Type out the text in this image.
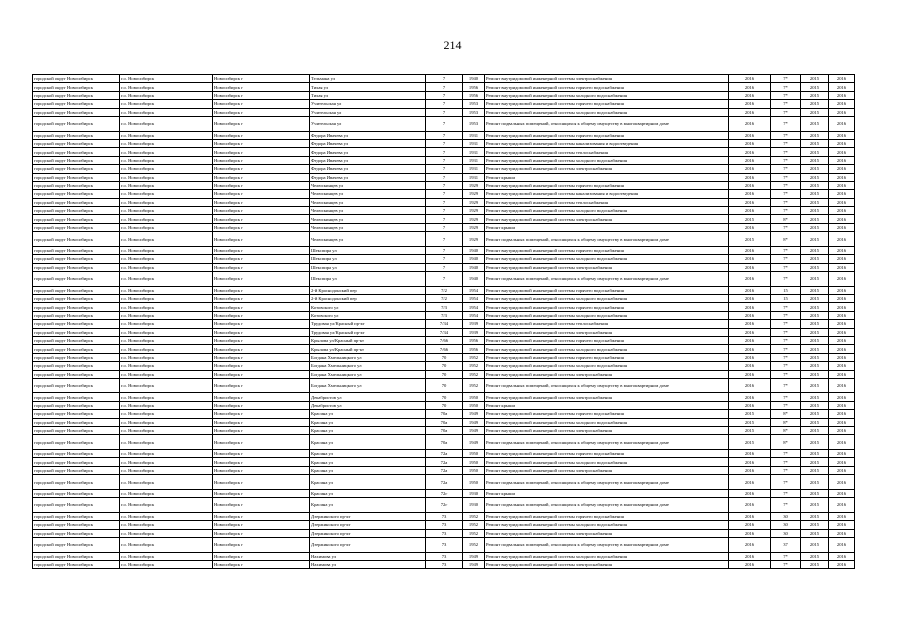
214
городской округ Новосибирск	г.о. Новосибирск	Новосибирск г	Тельмана ул	7	1940	Ремонт внутридомовой инженерной системы электроснабжения	2016	7*	2015	2016
городской округ Новосибирск	г.о. Новосибирск	Новосибирск г	Тихая ул	7	1956	Ремонт внутридомовой инженерной системы горячего водоснабжения	2016	7*	2015	2016
городской округ Новосибирск	г.о. Новосибирск	Новосибирск г	Тихая ул	7	1956	Ремонт внутридомовой инженерной системы холодного водоснабжения	2016	7*	2015	2016
городской округ Новосибирск	г.о. Новосибирск	Новосибирск г	Учительская ул	7	1953	Ремонт внутридомовой инженерной системы горячего водоснабжения	2016	7*	2015	2016
городской округ Новосибирск	г.о. Новосибирск	Новосибирск г	Учительская ул	7	1953	Ремонт внутридомовой инженерной системы холодного водоснабжения	2016	7*	2015	2016
городской округ Новосибирск	г.о. Новосибирск	Новосибирск г	Учительская ул	7	1953	Ремонт подвальных помещений, относящихся к общему имуществу в многоквартирном доме	2016	7*	2015	2016
городской округ Новосибирск	г.о. Новосибирск	Новосибирск г	Федора Ивачева ул	7	1931	Ремонт внутридомовой инженерной системы горячего водоснабжения	2016	7*	2015	2016
городской округ Новосибирск	г.о. Новосибирск	Новосибирск г	Федора Ивачева ул	7	1931	Ремонт внутридомовой инженерной системы канализования и водоотведения	2016	7*	2015	2016
городской округ Новосибирск	г.о. Новосибирск	Новосибирск г	Федора Ивачева ул	7	1931	Ремонт внутридомовой инженерной системы теплоснабжения	2016	7*	2015	2016
городской округ Новосибирск	г.о. Новосибирск	Новосибирск г	Федора Ивачева ул	7	1931	Ремонт внутридомовой инженерной системы холодного водоснабжения	2016	7*	2015	2016
городской округ Новосибирск	г.о. Новосибирск	Новосибирск г	Федора Ивачева ул	7	1931	Ремонт внутридомовой инженерной системы электроснабжения	2016	7*	2015	2016
городской округ Новосибирск	г.о. Новосибирск	Новосибирск г	Федора Ивачева ул	7	1931	Ремонт крыши	2016	7*	2015	2016
городской округ Новосибирск	г.о. Новосибирск	Новосибирск г	Челюскинцев ул	7	1929	Ремонт внутридомовой инженерной системы горячего водоснабжения	2016	7*	2015	2016
городской округ Новосибирск	г.о. Новосибирск	Новосибирск г	Челюскинцев ул	7	1929	Ремонт внутридомовой инженерной системы канализования и водоотведения	2016	7*	2015	2016
городской округ Новосибирск	г.о. Новосибирск	Новосибирск г	Челюскинцев ул	7	1929	Ремонт внутридомовой инженерной системы теплоснабжения	2016	7*	2015	2016
городской округ Новосибирск	г.о. Новосибирск	Новосибирск г	Челюскинцев ул	7	1929	Ремонт внутридомовой инженерной системы холодного водоснабжения	2016	7*	2015	2016
городской округ Новосибирск	г.о. Новосибирск	Новосибирск г	Челюскинцев ул	7	1929	Ремонт внутридомовой инженерной системы электроснабжения	2015	8*	2015	2016
городской округ Новосибирск	г.о. Новосибирск	Новосибирск г	Челюскинцев ул	7	1929	Ремонт крыши	2016	7*	2015	2016
городской округ Новосибирск	г.о. Новосибирск	Новосибирск г	Челюскинцев ул	7	1929	Ремонт подвальных помещений, относящихся к общему имуществу в многоквартирном доме	2015	8*	2015	2016
городской округ Новосибирск	г.о. Новосибирск	Новосибирск г	Шекспира ул	7	1940	Ремонт внутридомовой инженерной системы горячего водоснабжения	2016	7*	2015	2016
городской округ Новосибирск	г.о. Новосибирск	Новосибирск г	Шекспира ул	7	1940	Ремонт внутридомовой инженерной системы холодного водоснабжения	2016	7*	2015	2016
городской округ Новосибирск	г.о. Новосибирск	Новосибирск г	Шекспира ул	7	1940	Ремонт внутридомовой инженерной системы электроснабжения	2016	7*	2015	2016
городской округ Новосибирск	г.о. Новосибирск	Новосибирск г	Шекспира ул	7	1940	Ремонт подвальных помещений, относящихся к общему имуществу в многоквартирном доме	2016	7*	2015	2016
городской округ Новосибирск	г.о. Новосибирск	Новосибирск г	2-й Краснодонский пер	7/2	1954	Ремонт внутридомовой инженерной системы горячего водоснабжения	2016	15	2015	2016
городской округ Новосибирск	г.о. Новосибирск	Новосибирск г	2-й Краснодонский пер	7/2	1954	Ремонт внутридомовой инженерной системы холодного водоснабжения	2016	15	2015	2016
городской округ Новосибирск	г.о. Новосибирск	Новосибирск г	Котовского ул	7/3	1954	Ремонт внутридомовой инженерной системы горячего водоснабжения	2016	7*	2015	2016
городской округ Новосибирск	г.о. Новосибирск	Новосибирск г	Котовского ул	7/3	1954	Ремонт внутридомовой инженерной системы холодного водоснабжения	2016	7*	2015	2016
городской округ Новосибирск	г.о. Новосибирск	Новосибирск г	Трудовая ул/Красный пр-кт	7/34	1939	Ремонт внутридомовой инженерной системы теплоснабжения	2016	7*	2015	2016
городской округ Новосибирск	г.о. Новосибирск	Новосибирск г	Трудовая ул/Красный пр-кт	7/34	1939	Ремонт внутридомовой инженерной системы электроснабжения	2016	7*	2015	2016
городской округ Новосибирск	г.о. Новосибирск	Новосибирск г	Крылова ул/Красный пр-кт	7/66	1956	Ремонт внутридомовой инженерной системы горячего водоснабжения	2016	7*	2015	2016
городской округ Новосибирск	г.о. Новосибирск	Новосибирск г	Крылова ул/Красный пр-кт	7/66	1956	Ремонт внутридомовой инженерной системы холодного водоснабжения	2016	7*	2015	2016
городской округ Новосибирск	г.о. Новосибирск	Новосибирск г	Богдана Хмельницкого ул	70	1952	Ремонт внутридомовой инженерной системы горячего водоснабжения	2016	7*	2015	2016
городской округ Новосибирск	г.о. Новосибирск	Новосибирск г	Богдана Хмельницкого ул	70	1952	Ремонт внутридомовой инженерной системы холодного водоснабжения	2016	7*	2015	2016
городской округ Новосибирск	г.о. Новосибирск	Новосибирск г	Богдана Хмельницкого ул	70	1952	Ремонт внутридомовой инженерной системы электроснабжения	2016	7*	2015	2016
городской округ Новосибирск	г.о. Новосибирск	Новосибирск г	Богдана Хмельницкого ул	70	1952	Ремонт подвальных помещений, относящихся к общему имуществу в многоквартирном доме	2016	7*	2015	2016
городской округ Новосибирск	г.о. Новосибирск	Новосибирск г	Декабристов ул	70	1950	Ремонт внутридомовой инженерной системы электроснабжения	2016	7*	2015	2016
городской округ Новосибирск	г.о. Новосибирск	Новосибирск г	Декабристов ул	70	1950	Ремонт крыши	2016	7*	2015	2016
городской округ Новосибирск	г.о. Новосибирск	Новосибирск г	Красина ул	70а	1949	Ремонт внутридомовой инженерной системы горячего водоснабжения	2015	8*	2015	2016
городской округ Новосибирск	г.о. Новосибирск	Новосибирск г	Красина ул	70а	1949	Ремонт внутридомовой инженерной системы холодного водоснабжения	2015	8*	2015	2016
городской округ Новосибирск	г.о. Новосибирск	Новосибирск г	Красина ул	70а	1949	Ремонт внутридомовой инженерной системы электроснабжения	2015	8*	2015	2016
городской округ Новосибирск	г.о. Новосибирск	Новосибирск г	Красина ул	70а	1949	Ремонт подвальных помещений, относящихся к общему имуществу в многоквартирном доме	2015	8*	2015	2016
городской округ Новосибирск	г.о. Новосибирск	Новосибирск г	Красина ул	72а	1950	Ремонт внутридомовой инженерной системы горячего водоснабжения	2016	7*	2015	2016
городской округ Новосибирск	г.о. Новосибирск	Новосибирск г	Красина ул	72а	1950	Ремонт внутридомовой инженерной системы холодного водоснабжения	2016	7*	2015	2016
городской округ Новосибирск	г.о. Новосибирск	Новосибирск г	Красина ул	72а	1950	Ремонт внутридомовой инженерной системы электроснабжения	2016	7*	2015	2016
городской округ Новосибирск	г.о. Новосибирск	Новосибирск г	Красина ул	72а	1950	Ремонт подвальных помещений, относящихся к общему имуществу в многоквартирном доме	2016	7*	2015	2016
городской округ Новосибирск	г.о. Новосибирск	Новосибирск г	Красина ул	72г	1930	Ремонт крыши	2016	7*	2015	2016
городской округ Новосибирск	г.о. Новосибирск	Новосибирск г	Красина ул	72г	1930	Ремонт подвальных помещений, относящихся к общему имуществу в многоквартирном доме	2016	7*	2015	2016
городской округ Новосибирск	г.о. Новосибирск	Новосибирск г	Дзержинского пр-кт	73	1952	Ремонт внутридомовой инженерной системы горячего водоснабжения	2016	30	2015	2016
городской округ Новосибирск	г.о. Новосибирск	Новосибирск г	Дзержинского пр-кт	73	1952	Ремонт внутридомовой инженерной системы холодного водоснабжения	2016	30	2015	2016
городской округ Новосибирск	г.о. Новосибирск	Новосибирск г	Дзержинского пр-кт	73	1952	Ремонт внутридомовой инженерной системы электроснабжения	2016	30	2015	2016
городской округ Новосибирск	г.о. Новосибирск	Новосибирск г	Дзержинского пр-кт	73	1952	Ремонт подвальных помещений, относящихся к общему имуществу в многоквартирном доме	2016	37	2015	2016
городской округ Новосибирск	г.о. Новосибирск	Новосибирск г	Нахимова ул	73	1949	Ремонт внутридомовой инженерной системы холодного водоснабжения	2016	7*	2015	2016
городской округ Новосибирск	г.о. Новосибирск	Новосибирск г	Нахимова ул	73	1949	Ремонт внутридомовой инженерной системы электроснабжения	2016	7*	2015	2016
